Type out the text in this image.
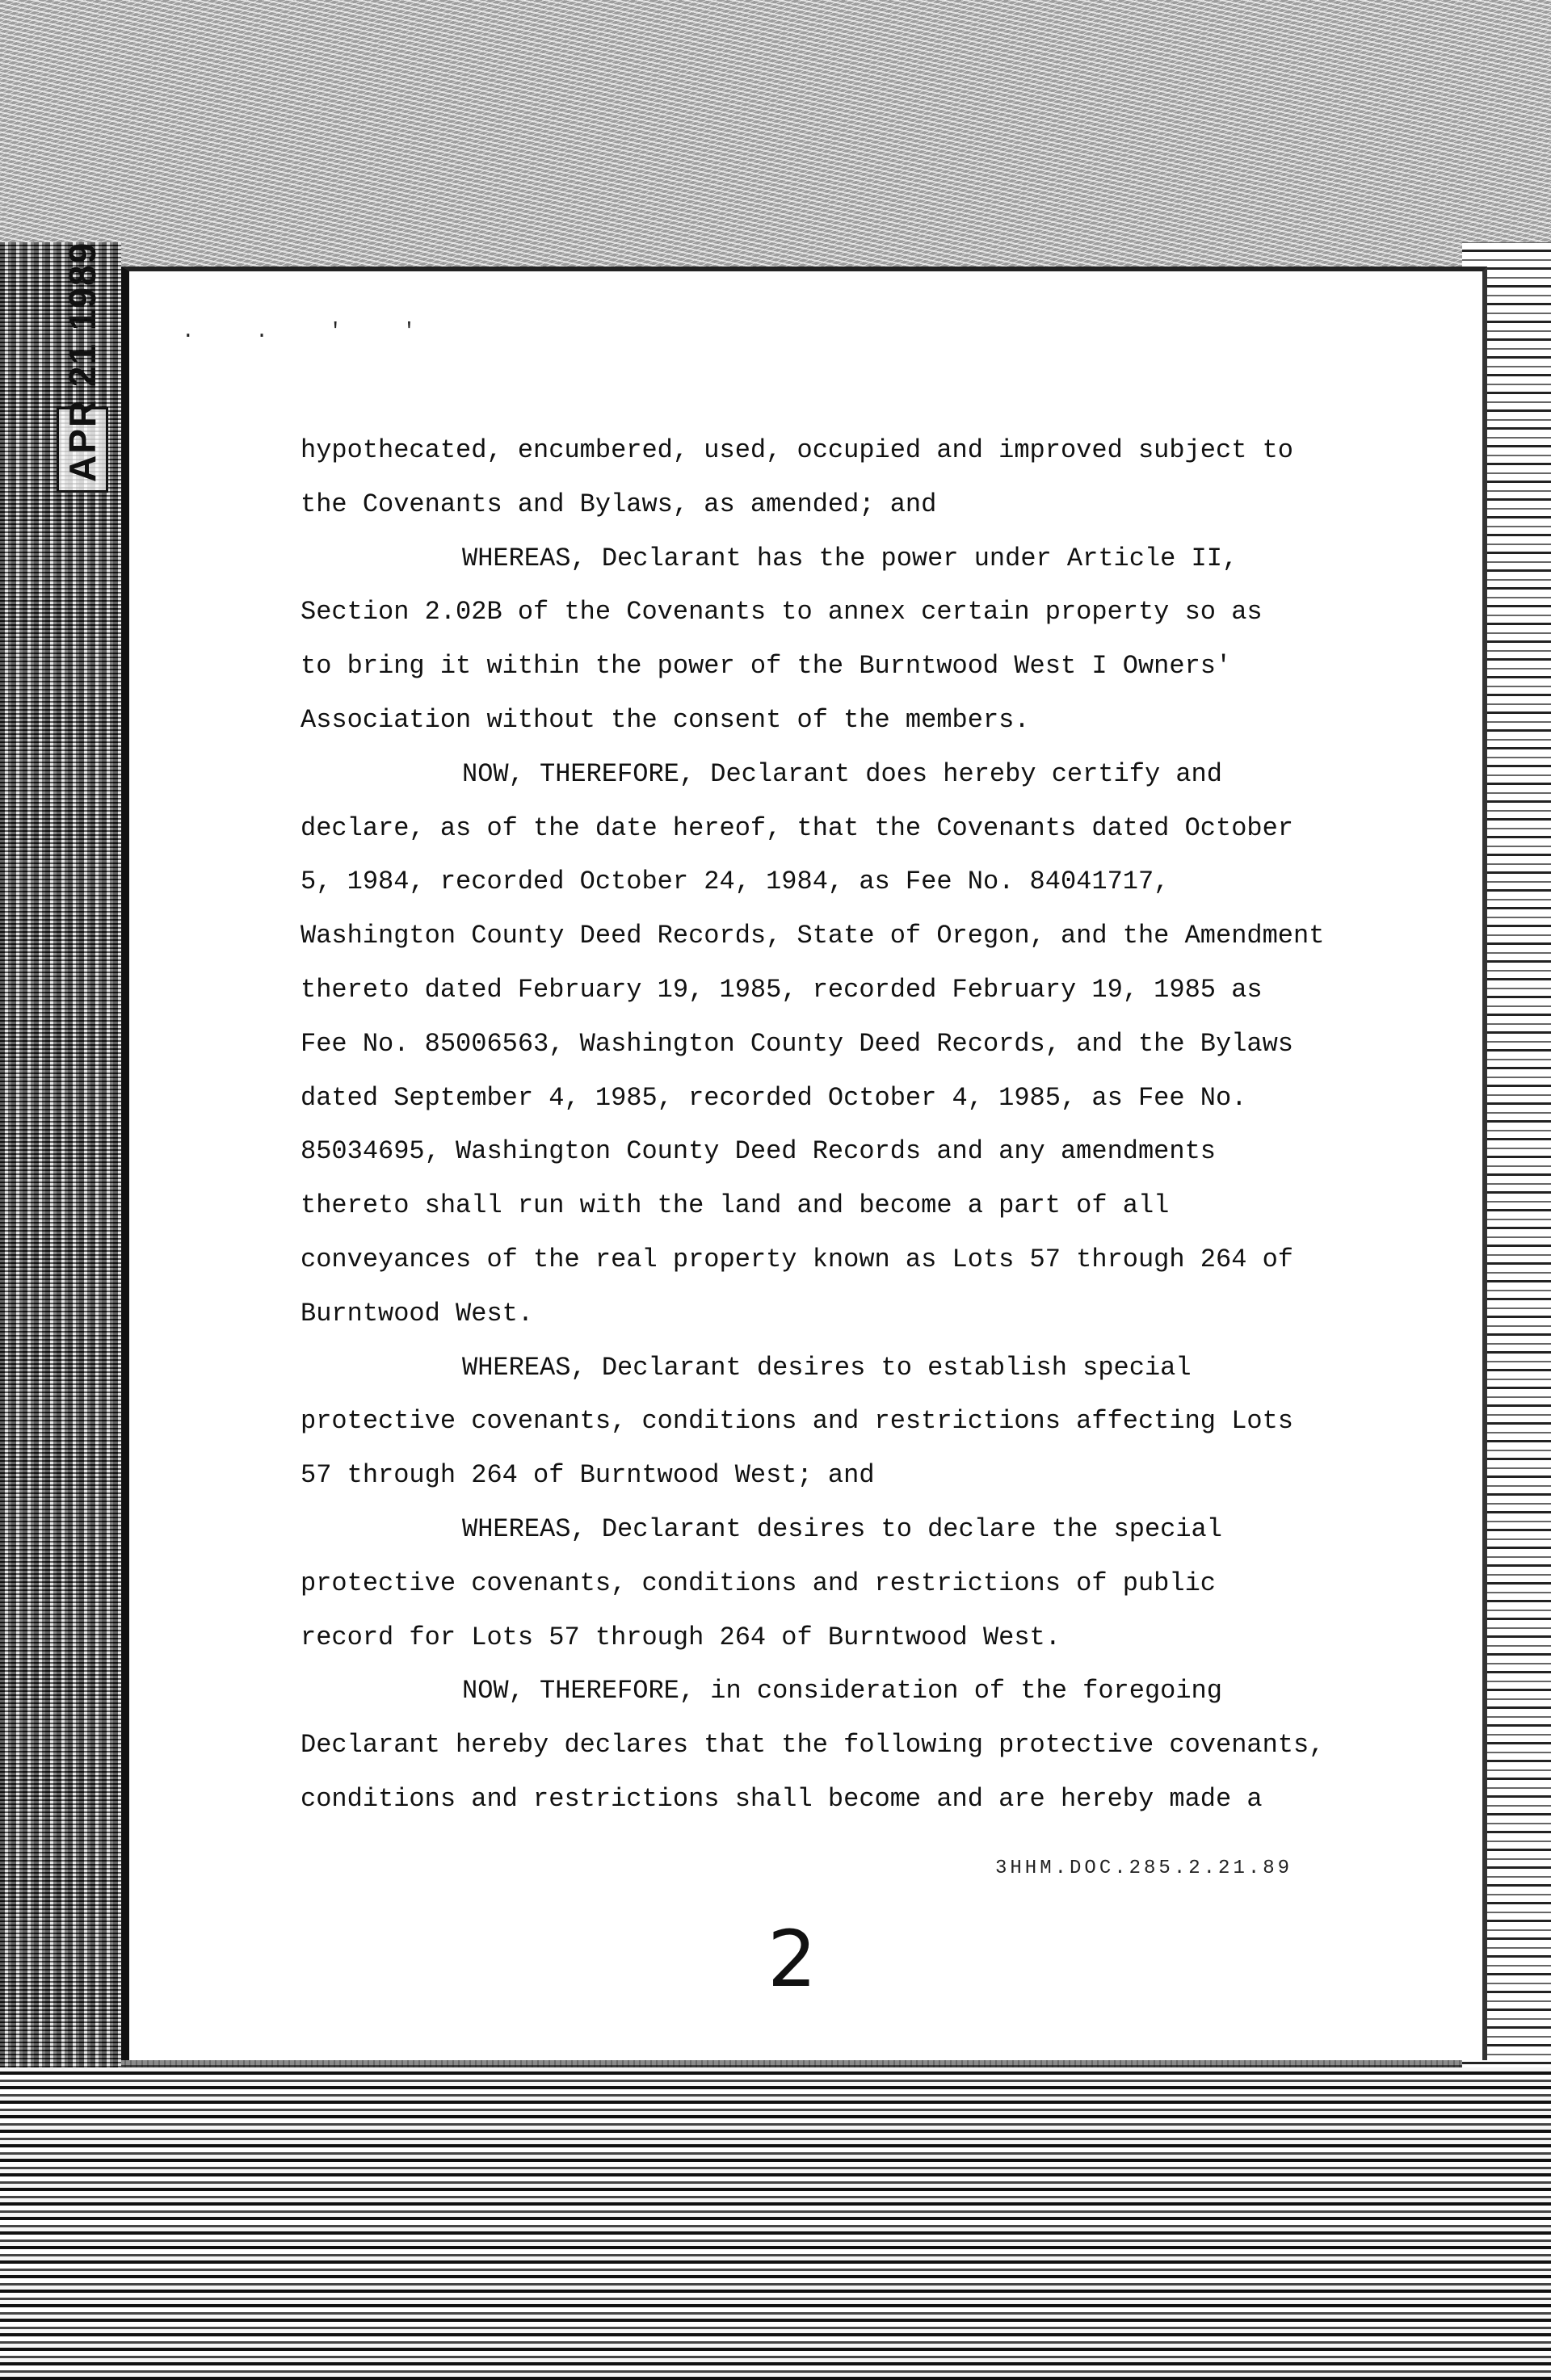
. . ' '
hypothecated, encumbered, used, occupied and improved subject to
the Covenants and Bylaws, as amended; and
WHEREAS, Declarant has the power under Article II,
Section 2.02B of the Covenants to annex certain property so as
to bring it within the power of the Burntwood West I Owners'
Association without the consent of the members.
NOW, THEREFORE, Declarant does hereby certify and
declare, as of the date hereof, that the Covenants dated October
5, 1984, recorded October 24, 1984, as Fee No. 84041717,
Washington County Deed Records, State of Oregon, and the Amendment
thereto dated February 19, 1985, recorded February 19, 1985 as
Fee No. 85006563, Washington County Deed Records, and the Bylaws
dated September 4, 1985, recorded October 4, 1985, as Fee No.
85034695, Washington County Deed Records and any amendments
thereto shall run with the land and become a part of all
conveyances of the real property known as Lots 57 through 264 of
Burntwood West.
WHEREAS, Declarant desires to establish special
protective covenants, conditions and restrictions affecting Lots
57 through 264 of Burntwood West; and
WHEREAS, Declarant desires to declare the special
protective covenants, conditions and restrictions of public
record for Lots 57 through 264 of Burntwood West.
NOW, THEREFORE, in consideration of the foregoing
Declarant hereby declares that the following protective covenants,
conditions and restrictions shall become and are hereby made a
3HHM.DOC.285.2.21.89
2
